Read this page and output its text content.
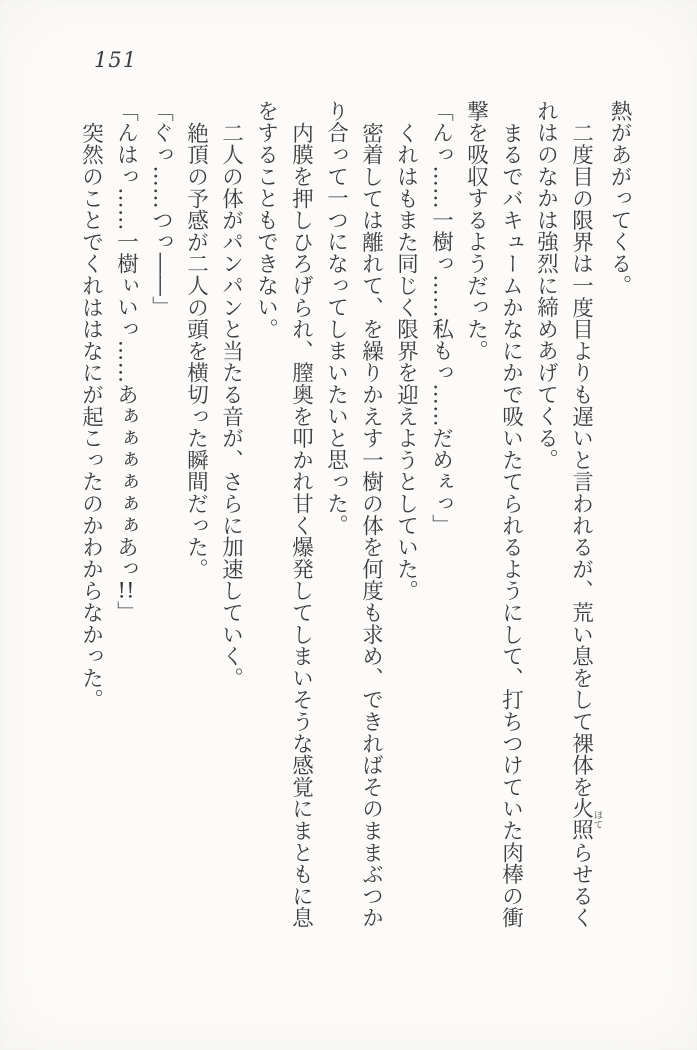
151

熱があがってくる。

二度目の限界は一度目よりも遅いと言われるが、荒い息をして裸体を火照ほてらせるくれはのなかは強烈に締めあげてくる。

まるでバキュームかなにかで吸いたてられるようにして、打ちつけていた肉棒の衝撃を吸収するようだった。

「んっ……一樹っ……私もっ……だめぇっ」

くれはもまた同じく限界を迎えようとしていた。

密着しては離れて、を繰りかえす一樹の体を何度も求め、できればそのままぶつかり合って一つになってしまいたいと思った。

内膜を押しひろげられ、膣奥を叩かれ甘く爆発してしまいそうな感覚にまともに息をすることもできない。

二人の体がパンパンと当たる音が、さらに加速していく。

絶頂の予感が二人の頭を横切った瞬間だった。

「ぐっ……つっ――」

「んはっ……一樹ぃいっ……あぁぁぁぁぁぁあっ!!」

突然のことでくれははなにが起こったのかわからなかった。
